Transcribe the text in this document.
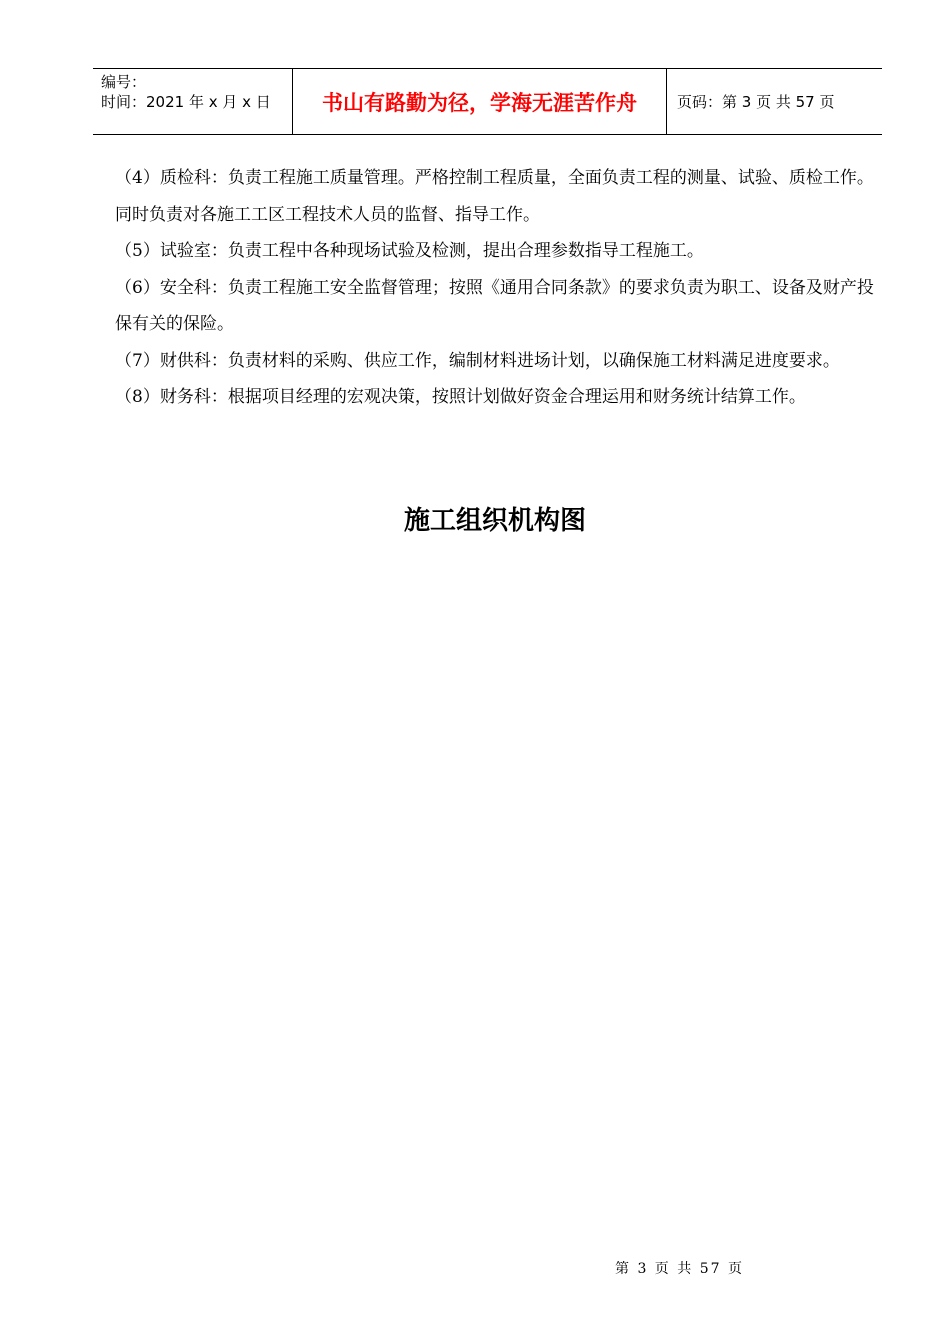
编号：
时间：2021 年 x 月 x 日 书山有路勤为径，学海无涯苦作舟	页码：第 3 页 共 57 页

（4）质检科：负责工程施工质量管理。严格控制工程质量，全面负责工程的测量、试验、质检工作。同时负责对各施工工区工程技术人员的监督、指导工作。

（5）试验室：负责工程中各种现场试验及检测，提出合理参数指导工程施工。

（6）安全科：负责工程施工安全监督管理；按照《通用合同条款》的要求负责为职工、设备及财产投保有关的保险。

（7）财供科：负责材料的采购、供应工作，编制材料进场计划，以确保施工材料满足进度要求。

（8）财务科：根据项目经理的宏观决策，按照计划做好资金合理运用和财务统计结算工作。

施工组织机构图
第 3 页 共 57 页
